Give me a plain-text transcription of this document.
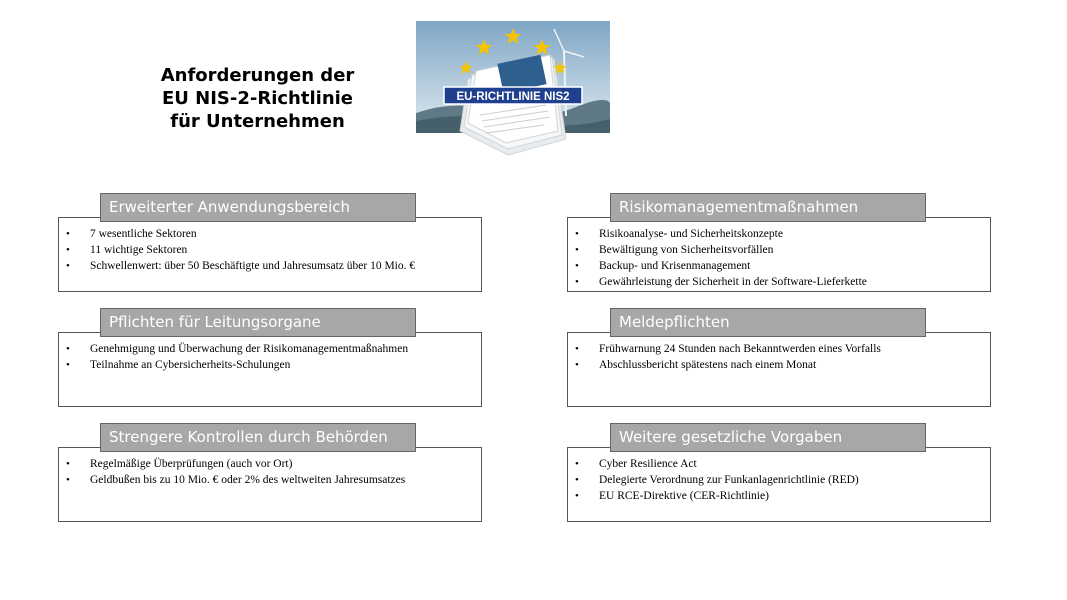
Anforderungen der
EU NIS-2-Richtlinie
für Unternehmen
EU-RICHTLINIE NIS2
• 7 wesentliche Sektoren
• 11 wichtige Sektoren
• Schwellenwert: über 50 Beschäftigte und Jahresumsatz über 10 Mio. €
Erweiterter Anwendungsbereich
• Risikoanalyse- und Sicherheitskonzepte
• Bewältigung von Sicherheitsvorfällen
• Backup- und Krisenmanagement
• Gewährleistung der Sicherheit in der Software-Lieferkette
Risikomanagementmaßnahmen
• Genehmigung und Überwachung der Risikomanagementmaßnahmen
• Teilnahme an Cybersicherheits-Schulungen
Pflichten für Leitungsorgane
• Frühwarnung 24 Stunden nach Bekanntwerden eines Vorfalls
• Abschlussbericht spätestens nach einem Monat
Meldepflichten
• Regelmäßige Überprüfungen (auch vor Ort)
• Geldbußen bis zu 10 Mio. € oder 2% des weltweiten Jahresumsatzes
Strengere Kontrollen durch Behörden
• Cyber Resilience Act
• Delegierte Verordnung zur Funkanlagenrichtlinie (RED)
• EU RCE-Direktive (CER-Richtlinie)
Weitere gesetzliche Vorgaben
